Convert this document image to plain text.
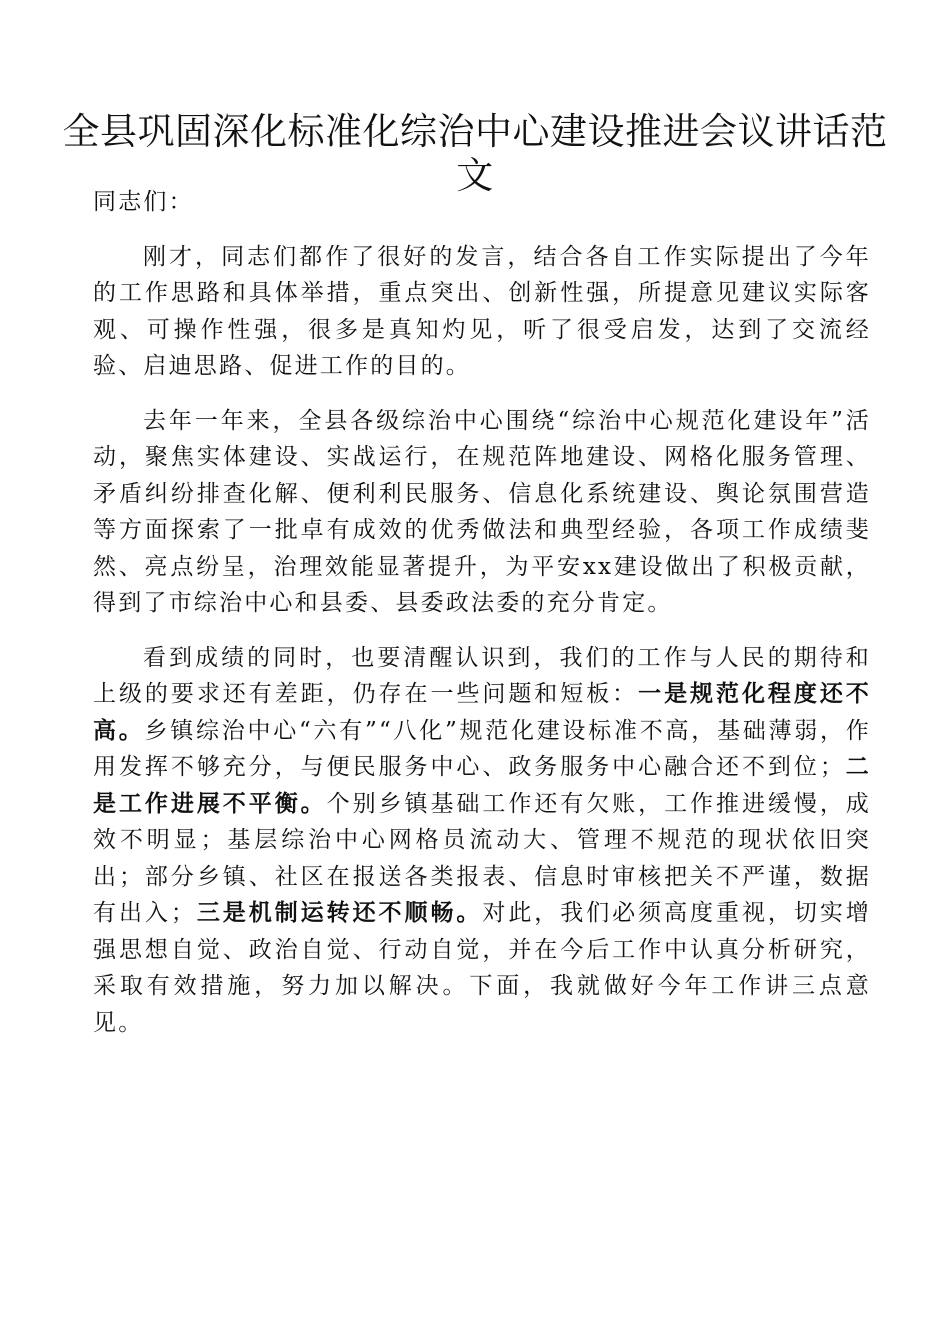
全县巩固深化标准化综治中心建设推进会议讲话范文

同志们：

刚才，同志们都作了很好的发言，结合各自工作实际提出了今年的工作思路和具体举措，重点突出、创新性强，所提意见建议实际客观、可操作性强，很多是真知灼见，听了很受启发，达到了交流经验、启迪思路、促进工作的目的。

去年一年来，全县各级综治中心围绕“综治中心规范化建设年”活动，聚焦实体建设、实战运行，在规范阵地建设、网格化服务管理、矛盾纠纷排查化解、便利利民服务、信息化系统建设、舆论氛围营造等方面探索了一批卓有成效的优秀做法和典型经验，各项工作成绩斐然、亮点纷呈，治理效能显著提升，为平安xx建设做出了积极贡献，得到了市综治中心和县委、县委政法委的充分肯定。

看到成绩的同时，也要清醒认识到，我们的工作与人民的期待和上级的要求还有差距，仍存在一些问题和短板：一是规范化程度还不高。乡镇综治中心“六有”“八化”规范化建设标准不高，基础薄弱，作用发挥不够充分，与便民服务中心、政务服务中心融合还不到位；二是工作进展不平衡。个别乡镇基础工作还有欠账，工作推进缓慢，成效不明显；基层综治中心网格员流动大、管理不规范的现状依旧突出；部分乡镇、社区在报送各类报表、信息时审核把关不严谨，数据有出入；三是机制运转还不顺畅。对此，我们必须高度重视，切实增强思想自觉、政治自觉、行动自觉，并在今后工作中认真分析研究，采取有效措施，努力加以解决。下面，我就做好今年工作讲三点意见。
